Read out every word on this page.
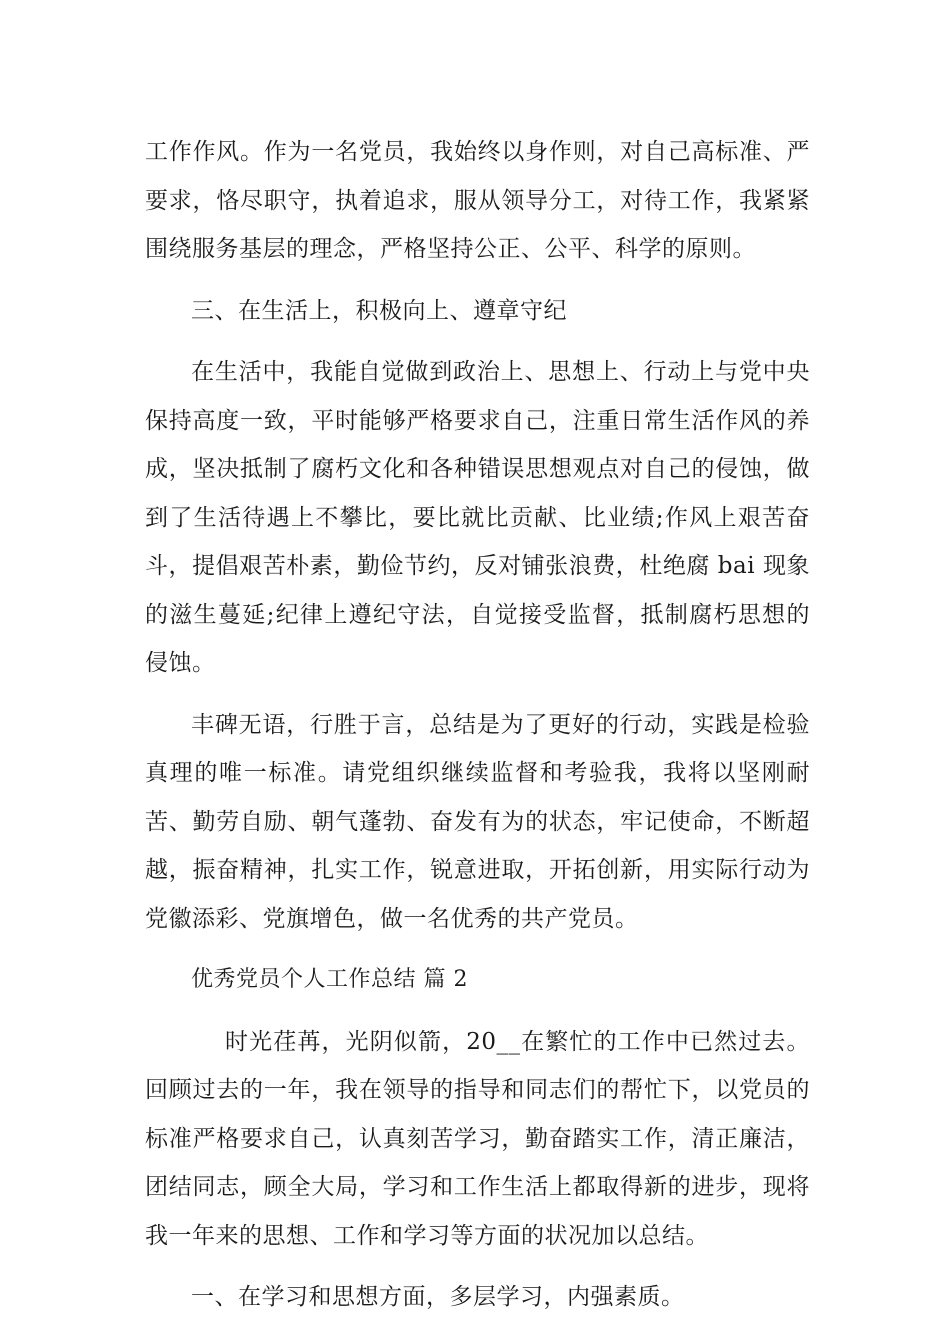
工作作风。作为一名党员，我始终以身作则，对自己高标准、严要求，恪尽职守，执着追求，服从领导分工，对待工作，我紧紧围绕服务基层的理念，严格坚持公正、公平、科学的原则。

三、在生活上，积极向上、遵章守纪

在生活中，我能自觉做到政治上、思想上、行动上与党中央保持高度一致，平时能够严格要求自己，注重日常生活作风的养成，坚决抵制了腐朽文化和各种错误思想观点对自己的侵蚀，做到了生活待遇上不攀比，要比就比贡献、比业绩;作风上艰苦奋斗，提倡艰苦朴素，勤俭节约，反对铺张浪费，杜绝腐 bai 现象的滋生蔓延;纪律上遵纪守法，自觉接受监督，抵制腐朽思想的侵蚀。

丰碑无语，行胜于言，总结是为了更好的行动，实践是检验真理的唯一标准。请党组织继续监督和考验我，我将以坚刚耐苦、勤劳自励、朝气蓬勃、奋发有为的状态，牢记使命，不断超越，振奋精神，扎实工作，锐意进取，开拓创新，用实际行动为党徽添彩、党旗增色，做一名优秀的共产党员。

优秀党员个人工作总结 篇 2

时光荏苒，光阴似箭，20__在繁忙的工作中已然过去。回顾过去的一年，我在领导的指导和同志们的帮忙下，以党员的标准严格要求自己，认真刻苦学习，勤奋踏实工作，清正廉洁，团结同志，顾全大局，学习和工作生活上都取得新的进步，现将我一年来的思想、工作和学习等方面的状况加以总结。

一、在学习和思想方面，多层学习，内强素质。
